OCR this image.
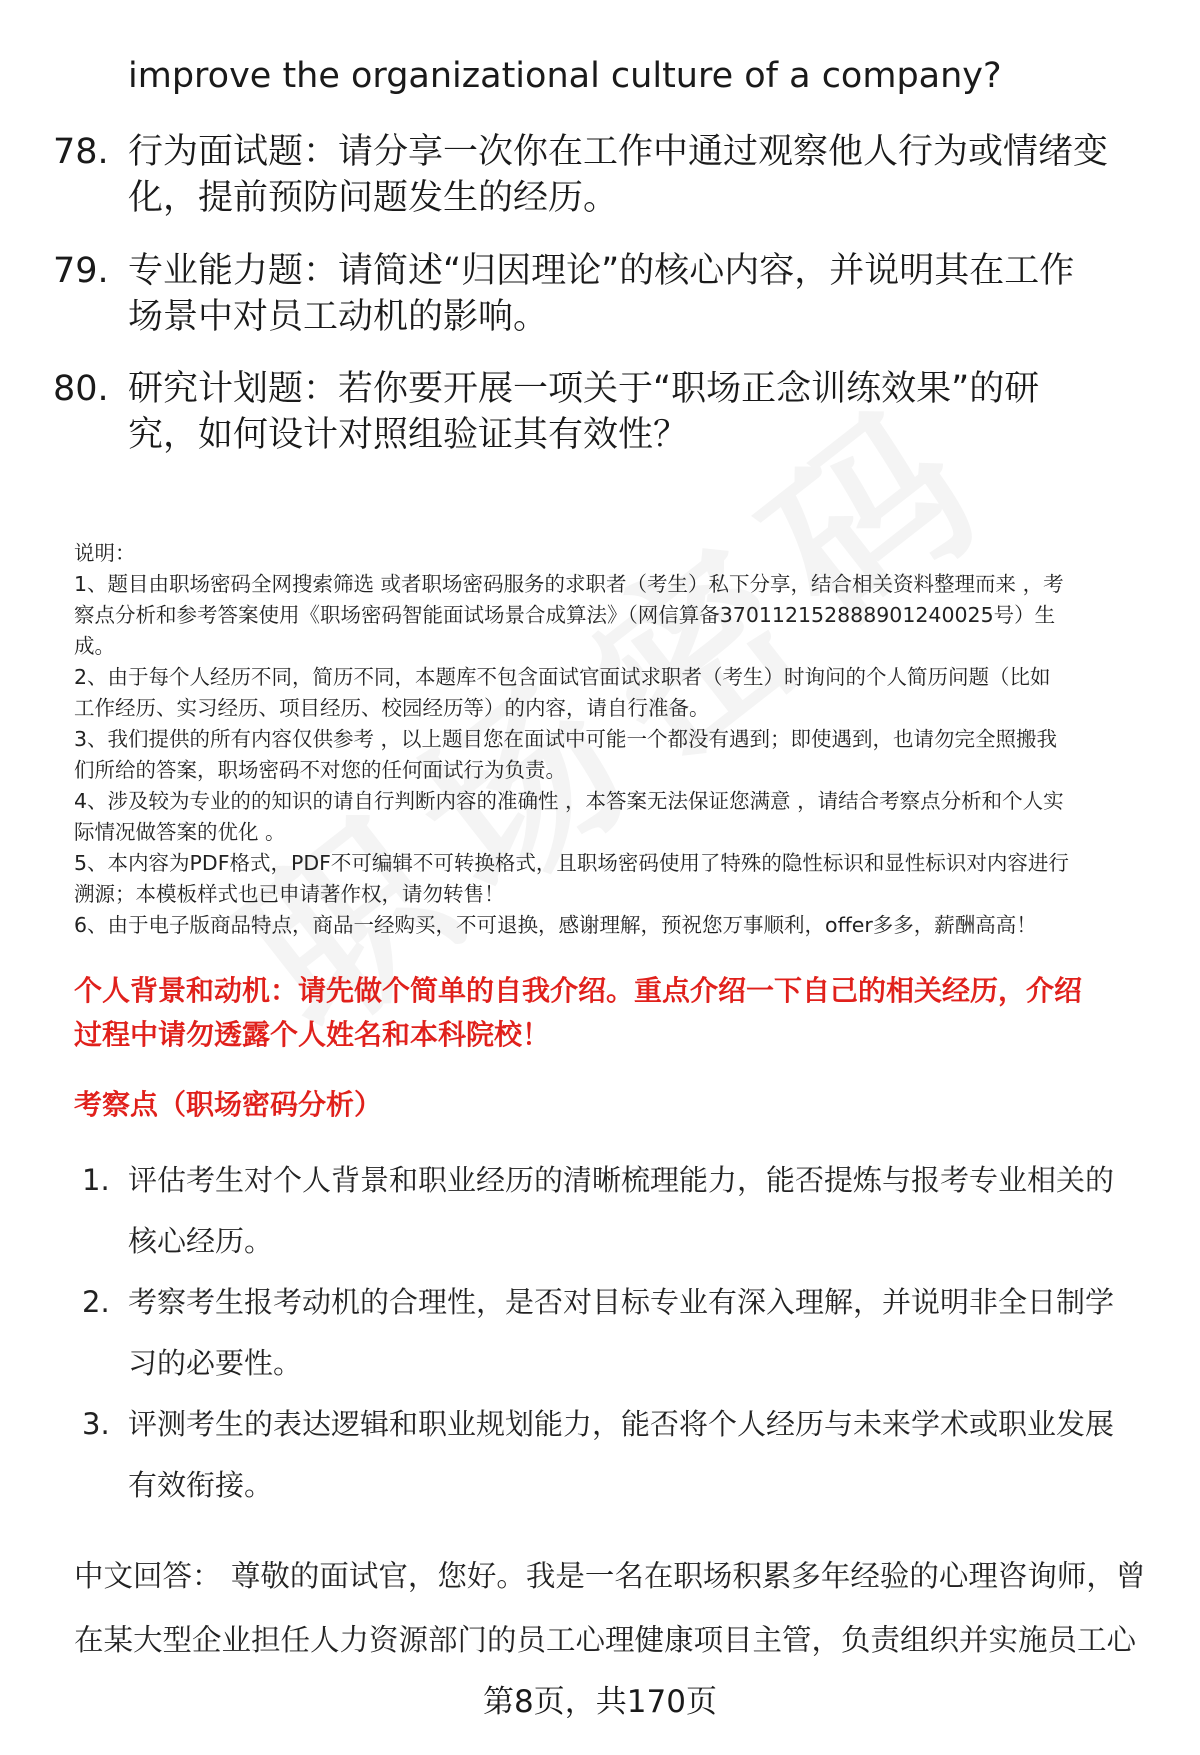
improve the organizational culture of a company?
78. 行为面试题：请分享一次你在工作中通过观察他人行为或情绪变
化，提前预防问题发生的经历。
79. 专业能力题：请简述“归因理论”的核心内容，并说明其在工作
场景中对员工动机的影响。
80. 研究计划题：若你要开展一项关于“职场正念训练效果”的研
究，如何设计对照组验证其有效性？

说明：

1、题目由职场密码全网搜索筛选 或者职场密码服务的求职者（考生）私下分享，结合相关资料整理而来 ，考

察点分析和参考答案使用《职场密码智能面试场景合成算法》（网信算备370112152888901240025号）生

成。

2、由于每个人经历不同，简历不同，本题库不包含面试官面试求职者（考生）时询问的个人简历问题（比如

工作经历、实习经历、项目经历、校园经历等）的内容，请自行准备。

3、我们提供的所有内容仅供参考 ，以上题目您在面试中可能一个都没有遇到；即使遇到，也请勿完全照搬我

们所给的答案，职场密码不对您的任何面试行为负责。

4、涉及较为专业的的知识的请自行判断内容的准确性 ，本答案无法保证您满意 ，请结合考察点分析和个人实

际情况做答案的优化 。

5、本内容为PDF格式，PDF不可编辑不可转换格式，且职场密码使用了特殊的隐性标识和显性标识对内容进行

溯源；本模板样式也已申请著作权，请勿转售！

6、由于电子版商品特点，商品一经购买，不可退换，感谢理解，预祝您万事顺利，offer多多，薪酬高高！

个人背景和动机：请先做个简单的自我介绍。重点介绍一下自己的相关经历，介绍
过程中请勿透露个人姓名和本科院校！
考察点（职场密码分析）
1. 评估考生对个人背景和职业经历的清晰梳理能力，能否提炼与报考专业相关的
核心经历。
2. 考察考生报考动机的合理性，是否对目标专业有深入理解，并说明非全日制学
习的必要性。
3. 评测考生的表达逻辑和职业规划能力，能否将个人经历与未来学术或职业发展
有效衔接。
中文回答： 尊敬的面试官，您好。我是一名在职场积累多年经验的心理咨询师，曾
在某大型企业担任人力资源部门的员工心理健康项目主管，负责组织并实施员工心
第8页，共170页
